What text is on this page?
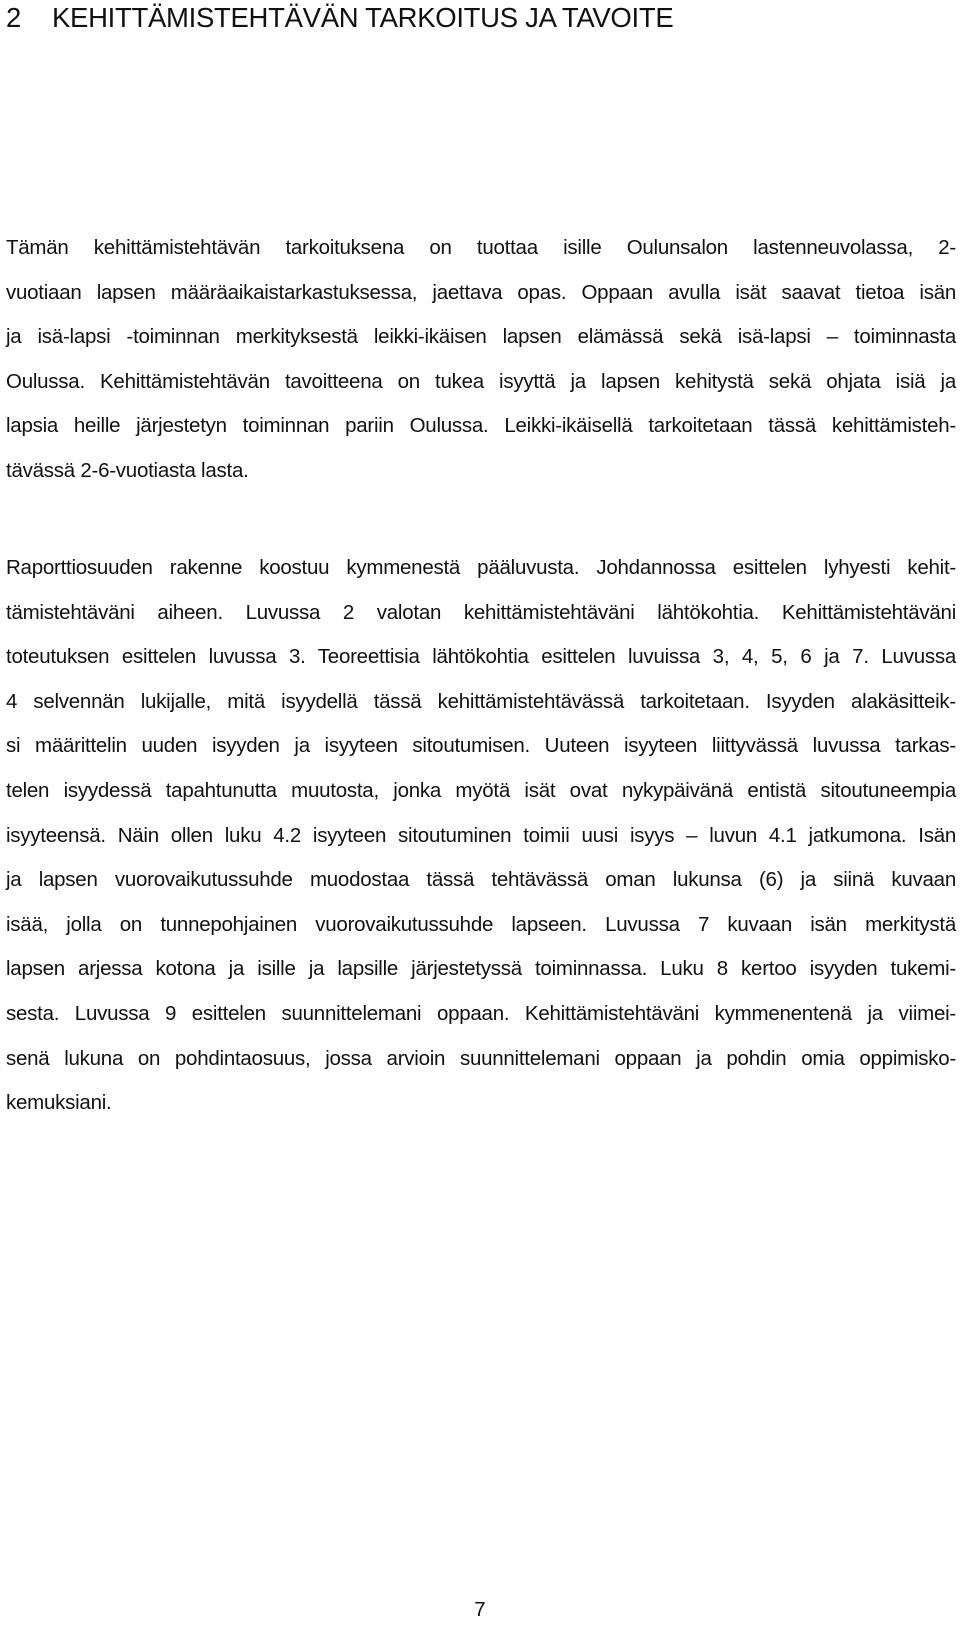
2 KEHITTÄMISTEHTÄVÄN TARKOITUS JA TAVOITE
Tämän kehittämistehtävän tarkoituksena on tuottaa isille Oulunsalon lastenneuvolassa, 2-
vuotiaan lapsen määräaikaistarkastuksessa, jaettava opas. Oppaan avulla isät saavat tietoa isän
ja isä-lapsi -toiminnan merkityksestä leikki-ikäisen lapsen elämässä sekä isä-lapsi – toiminnasta
Oulussa. Kehittämistehtävän tavoitteena on tukea isyyttä ja lapsen kehitystä sekä ohjata isiä ja
lapsia heille järjestetyn toiminnan pariin Oulussa. Leikki-ikäisellä tarkoitetaan tässä kehittämisteh-
tävässä 2-6-vuotiasta lasta.
Raporttiosuuden rakenne koostuu kymmenestä pääluvusta. Johdannossa esittelen lyhyesti kehit-
tämistehtäväni aiheen. Luvussa 2 valotan kehittämistehtäväni lähtökohtia. Kehittämistehtäväni
toteutuksen esittelen luvussa 3. Teoreettisia lähtökohtia esittelen luvuissa 3, 4, 5, 6 ja 7. Luvussa
4 selvennän lukijalle, mitä isyydellä tässä kehittämistehtävässä tarkoitetaan. Isyyden alakäsitteik-
si määrittelin uuden isyyden ja isyyteen sitoutumisen. Uuteen isyyteen liittyvässä luvussa tarkas-
telen isyydessä tapahtunutta muutosta, jonka myötä isät ovat nykypäivänä entistä sitoutuneempia
isyyteensä. Näin ollen luku 4.2 isyyteen sitoutuminen toimii uusi isyys – luvun 4.1 jatkumona. Isän
ja lapsen vuorovaikutussuhde muodostaa tässä tehtävässä oman lukunsa (6) ja siinä kuvaan
isää, jolla on tunnepohjainen vuorovaikutussuhde lapseen. Luvussa 7 kuvaan isän merkitystä
lapsen arjessa kotona ja isille ja lapsille järjestetyssä toiminnassa. Luku 8 kertoo isyyden tukemi-
sesta. Luvussa 9 esittelen suunnittelemani oppaan. Kehittämistehtäväni kymmenentenä ja viimei-
senä lukuna on pohdintaosuus, jossa arvioin suunnittelemani oppaan ja pohdin omia oppimisko-
kemuksiani.
7
